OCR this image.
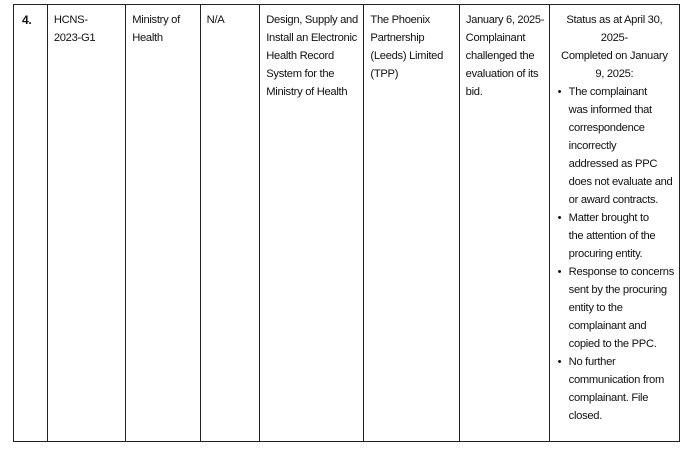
4.	HCNS-
2023-G1
Ministry of
Health
N/A	Design, Supply and
Install an Electronic
Health Record
System for the
Ministry of Health
The Phoenix
Partnership
(Leeds) Limited
(TPP)
January 6, 2025-
Complainant
challenged the
evaluation of its
bid.
Status as at April 30,
2025-
Completed on January
9, 2025:
• The complainant
was informed that
correspondence
incorrectly
addressed as PPC
does not evaluate and
or award contracts.
• Matter brought to
the attention of the
procuring entity.
• Response to concerns
sent by the procuring
entity to the
complainant and
copied to the PPC.
• No further
communication from
complainant. File
closed.
